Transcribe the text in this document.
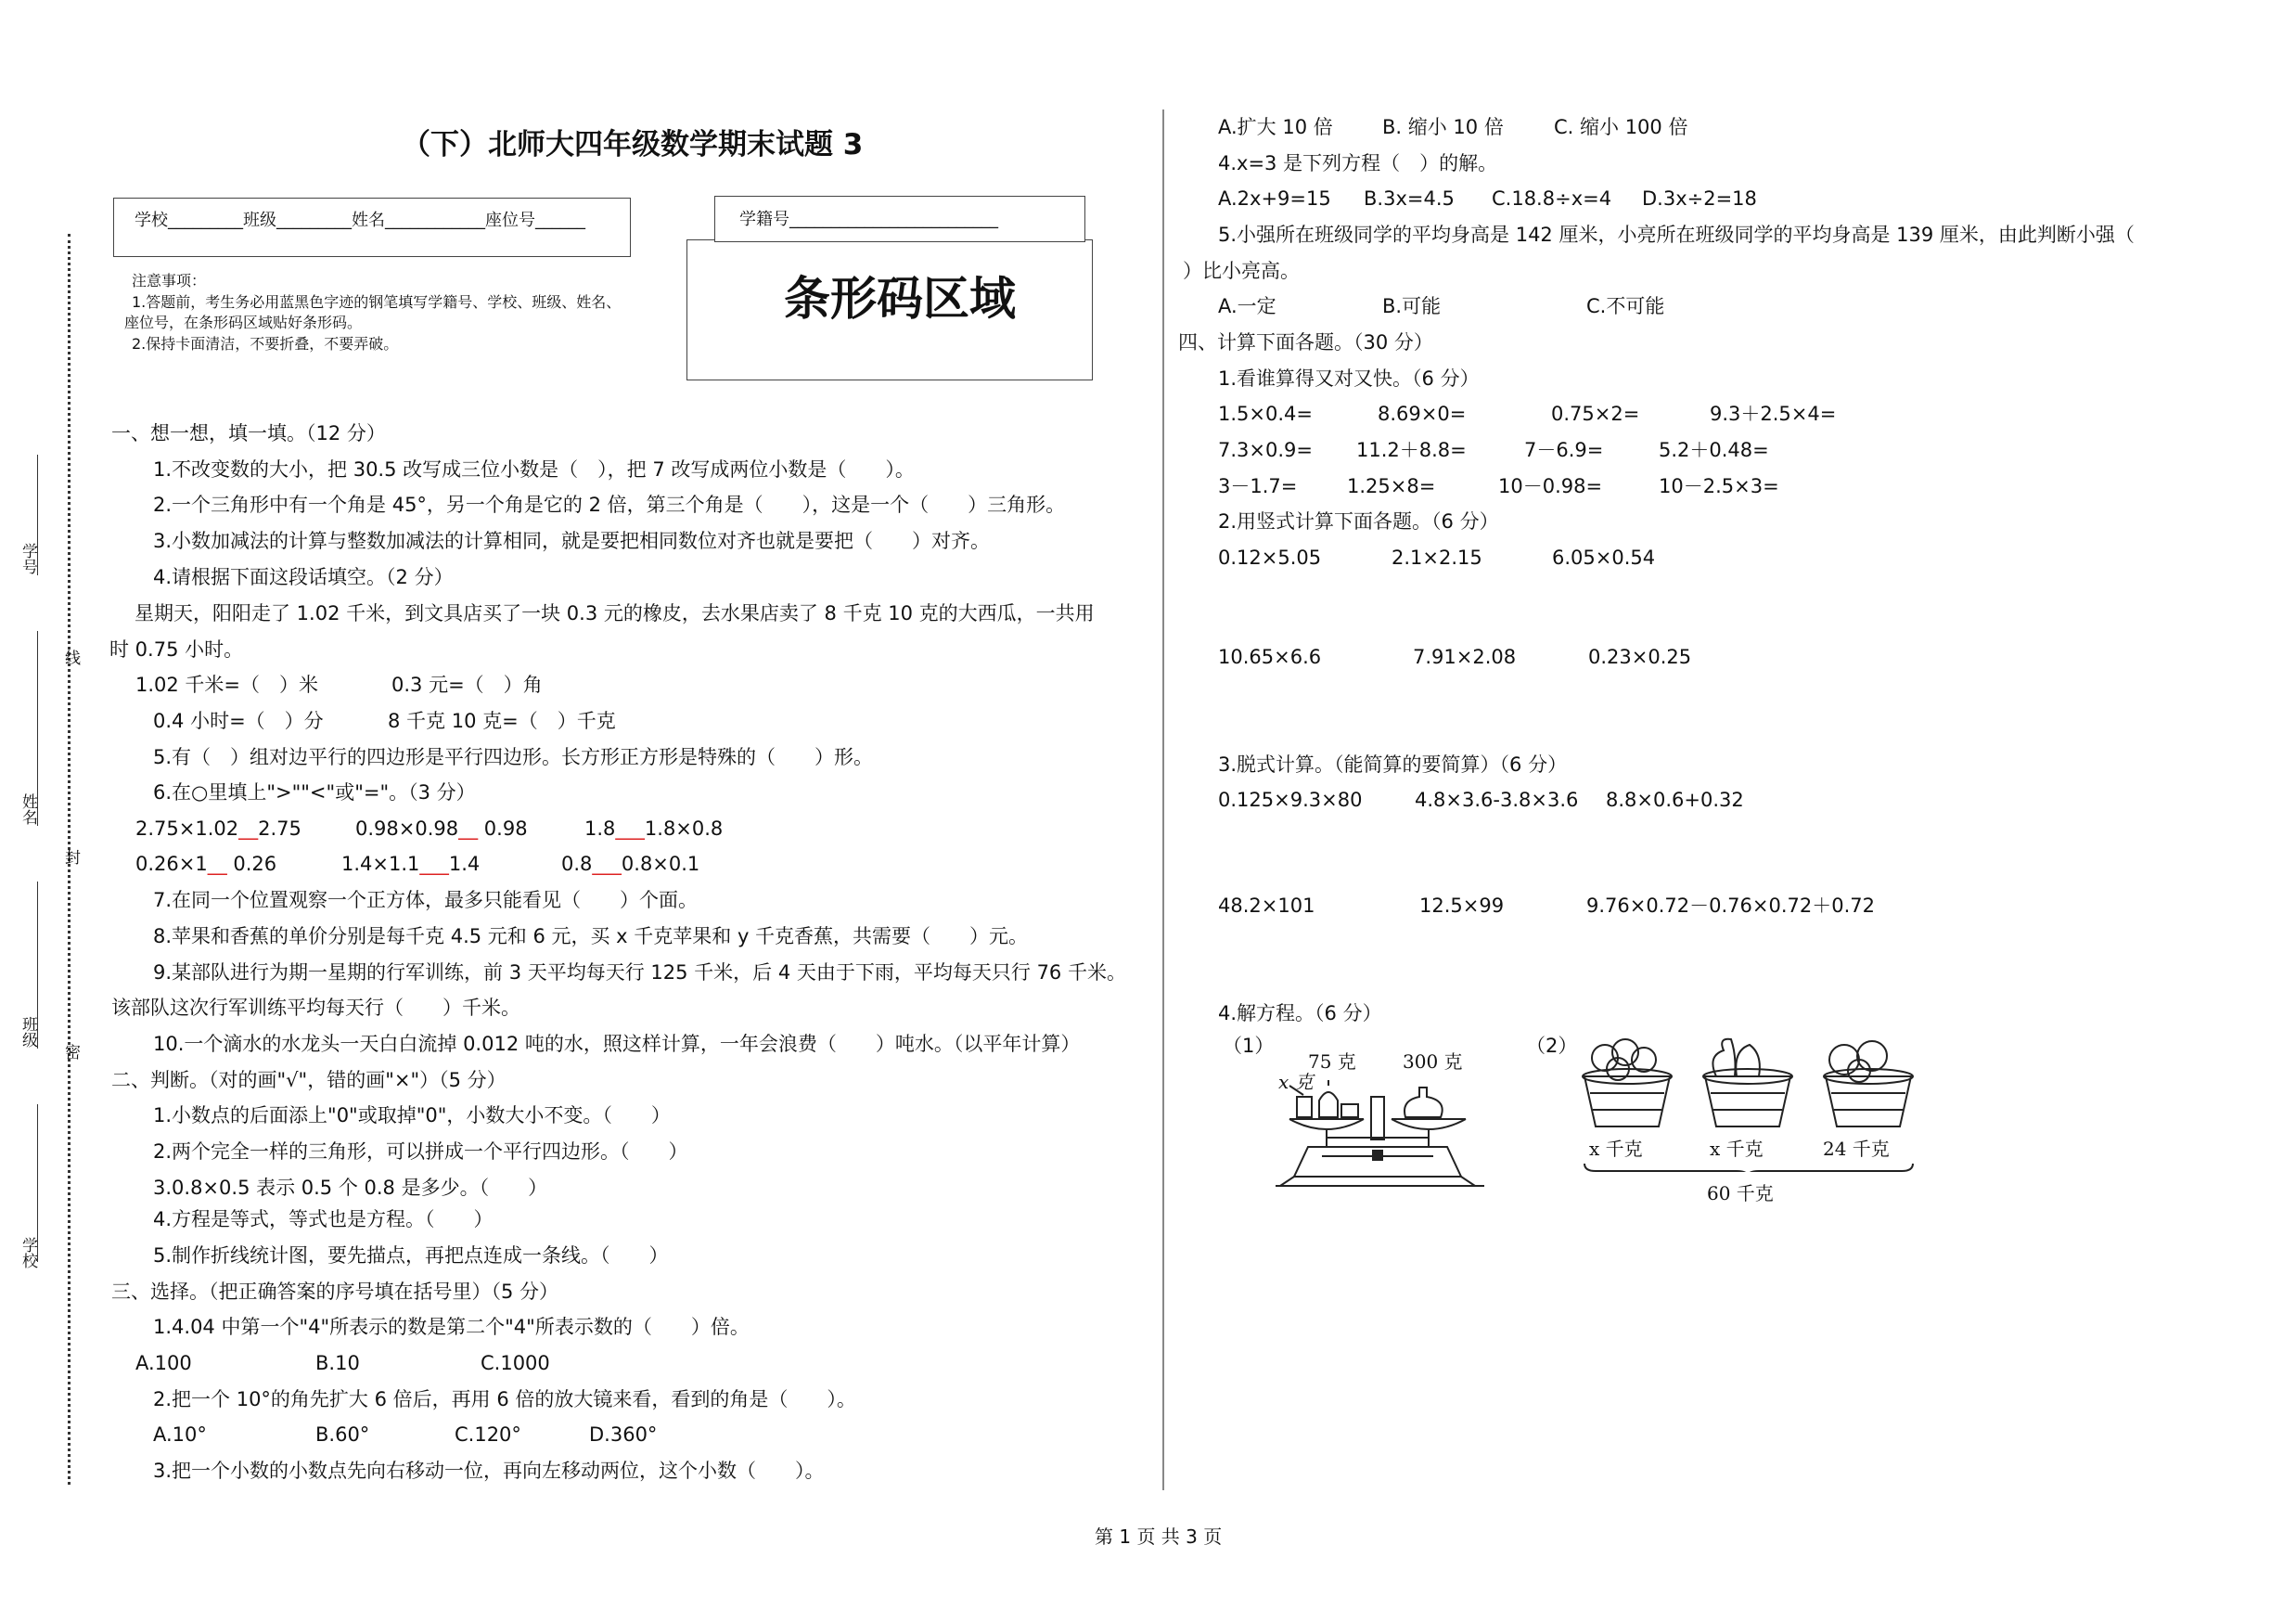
（下）北师大四年级数学期末试题 3
学校_________班级_________姓名____________座位号______	学籍号_________________________
条形码区域
注意事项：
1.答题前，考生务必用蓝黑色字迹的钢笔填写学籍号、学校、班级、姓名、
座位号，在条形码区域贴好条形码。
2.保持卡面清洁，不要折叠，不要弄破。
学号
线
姓名
封
班级
密
学校
一、想一想，填一填。（12 分）
1.不改变数的大小，把 30.5 改写成三位小数是（　），把 7 改写成两位小数是（　　）。
2.一个三角形中有一个角是 45°，另一个角是它的 2 倍，第三个角是（　　），这是一个（　　）三角形。
3.小数加减法的计算与整数加减法的计算相同，就是要把相同数位对齐也就是要把（　　）对齐。
4.请根据下面这段话填空。（2 分）
星期天，阳阳走了 1.02 千米，到文具店买了一块 0.3 元的橡皮，去水果店卖了 8 千克 10 克的大西瓜，一共用
时 0.75 小时。
1.02 千米=（　）米	0.3 元=（　）角
0.4 小时=（　）分	8 千克 10 克=（　）千克
5.有（　）组对边平行的四边形是平行四边形。长方形正方形是特殊的（　　）形。
6.在○里填上">""<"或"="。（3 分）
2.75×1.02__2.75	0.98×0.98__ 0.98	1.8___1.8×0.8
0.26×1__ 0.26	1.4×1.1___1.4	0.8___0.8×0.1
7.在同一个位置观察一个正方体，最多只能看见（　　）个面。
8.苹果和香蕉的单价分别是每千克 4.5 元和 6 元，买 x 千克苹果和 y 千克香蕉，共需要（　　）元。
9.某部队进行为期一星期的行军训练，前 3 天平均每天行 125 千米，后 4 天由于下雨，平均每天只行 76 千米。
该部队这次行军训练平均每天行（　　）千米。
10.一个滴水的水龙头一天白白流掉 0.012 吨的水，照这样计算，一年会浪费（　　）吨水。（以平年计算）
二、判断。（对的画"√"，错的画"×"）（5 分）
1.小数点的后面添上"0"或取掉"0"，小数大小不变。（　　）
2.两个完全一样的三角形，可以拼成一个平行四边形。（　　）
3.0.8×0.5 表示 0.5 个 0.8 是多少。（　　）
4.方程是等式，等式也是方程。（　　）
5.制作折线统计图，要先描点，再把点连成一条线。（　　）
三、选择。（把正确答案的序号填在括号里）（5 分）
1.4.04 中第一个"4"所表示的数是第二个"4"所表示数的（　　）倍。
A.100	B.10	C.1000
2.把一个 10°的角先扩大 6 倍后，再用 6 倍的放大镜来看，看到的角是（　　）。
A.10°	B.60°	C.120°	D.360°
3.把一个小数的小数点先向右移动一位，再向左移动两位，这个小数（　　）。
A.扩大 10 倍	B. 缩小 10 倍	C. 缩小 100 倍
4.x=3 是下列方程（　）的解。
A.2x+9=15 B.3x=4.5 C.18.8÷x=4 D.3x÷2=18
5.小强所在班级同学的平均身高是 142 厘米，小亮所在班级同学的平均身高是 139 厘米，由此判断小强（
）比小亮高。
A.一定	B.可能	C.不可能
四、计算下面各题。（30 分）
1.看谁算得又对又快。（6 分）
1.5×0.4=	8.69×0=	0.75×2=	9.3＋2.5×4=
7.3×0.9= 11.2＋8.8=	7－6.9=	5.2＋0.48=
3－1.7=	1.25×8=	10－0.98=	10－2.5×3=
2.用竖式计算下面各题。（6 分）
0.12×5.05	2.1×2.15	6.05×0.54
10.65×6.6	7.91×2.08	0.23×0.25
3.脱式计算。（能简算的要简算）（6 分）
0.125×9.3×80	4.8×3.6-3.8×3.6 8.8×0.6+0.32
48.2×101	12.5×99	9.76×0.72－0.76×0.72＋0.72
4.解方程。（6 分）
（1）
x 克
75 克	300 克
（2）
x 千克	x 千克	24 千克
60 千克
第 1 页 共 3 页
